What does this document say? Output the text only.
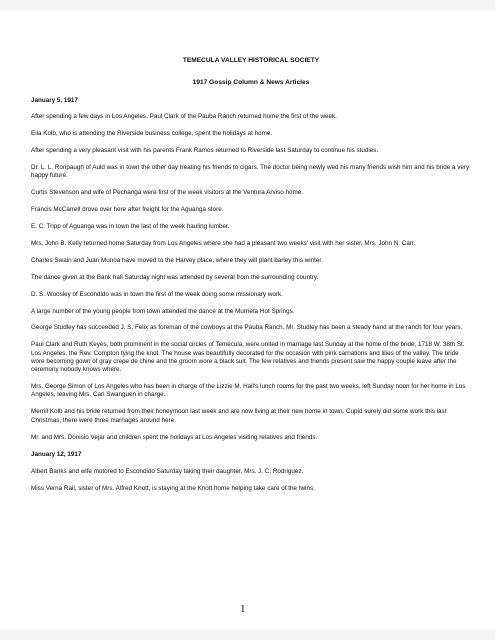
TEMECULA VALLEY HISTORICAL SOCIETY

1917 Gossip Column & News Articles

January 5, 1917

After spending a few days in Los Angeles, Paul Clark of the Pauba Ranch returned home the first of the week.

Eila Kolb, who is attending the Riverside business college, spent the holidays at home.

After spending a very pleasant visit with his parents Frank Ramos returned to Riverside last Saturday to continue his studies.

Dr. L. L. Roripaugh of Auld was in town the other day treating his friends to cigars. The doctor being newly wed his many friends wish him and his bride a very happy future.

Curtis Stevenson and wife of Pechanga were first of the week visitors at the Ventura Arviso home.

Francis McCarrell drove over here after freight for the Aguanga store.

E. C. Tripp of Aguanga was in town the last of the week hauling lumber.

Mrs. John B. Kelly returned home Saturday from Los Angeles where she had a pleasant two weeks' visit with her sister, Mrs. John N. Carr.

Charles Swain and Juan Munoa have moved to the Harvey place, where they will plant barley this winter.

The dance given at the Bank hall Saturday night was attended by several from the surrounding country.

D. S. Woosley of Escondido was in town the first of the week doing some missionary work.

A large number of the young people from town attended the dance at the Murrieta Hot Springs.

George Studley has succeeded J. S. Felix as foreman of the cowboys at the Pauba Ranch. Mr. Studley has been a steady hand at the ranch for four years.

Paul Clark and Ruth Keyes, both prominent in the social circles of Temecula, were united in marriage last Sunday at the home of the bride, 1718 W. 38th St. Los Angeles, the Rev. Compton tying the knot. The house was beautifully decorated for the occasion with pink carnations and lilies of the valley. The bride wore becoming gown of gray crepe de chine and the groom wore a black suit. The few relatives and friends present saw the happy couple leave after the ceremony nobody knows where.

Mrs. George Simon of Los Angeles who has been in charge of the Lizzie M. Hall's lunch rooms for the past two weeks, left Sunday noon for her home in Los Angeles, leaving Mrs. Carl Swanguen in charge.

Merrill Kolb and his bride returned from their honeymoon last week and are now living at their new home in town. Cupid surely did some work this last Christmas, there were three marriages around here.

Mr. and Mrs. Donisio Vejar and children spent the holidays at Los Angeles visiting relatives and friends.

January 12, 1917

Albert Banks and wife motored to Escondido Saturday taking their daughter, Mrs. J. C. Rodriguez.

Miss Verna Rail, sister of Mrs. Alfred Knott, is staying at the Knott home helping take care of the twins.

1
